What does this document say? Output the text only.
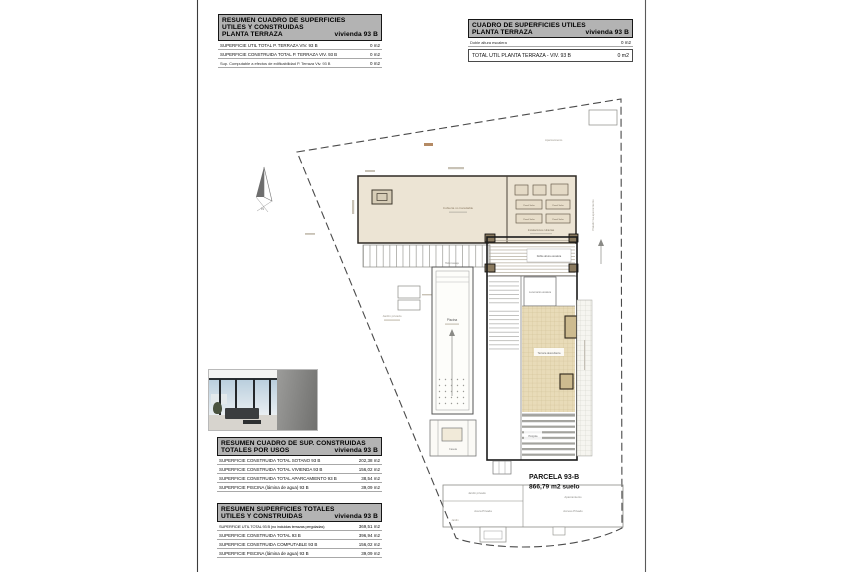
N	Cubierta no transitable	Panel Solar	Panel Solar
Panel Solar	Panel Solar
Instalaciones cubiertas
Aparcamiento
Plataforma aparcamiento
Hidromasaje
Piscina
Caseta
Doble altura escalera
Lucernario escalera
Terraza descubierta
Pérgola
Jardín privado
Acera Privada	Acceso Privado
Aparcamiento
Jardín
Jardín privado
PARCELA 93-B
866,79 m2 suelo
RESUMEN CUADRO DE SUPERFICIES
UTILES Y CONSTRUIDAS
PLANTA TERRAZA	vivienda 93 B
SUPERFICIE UTIL TOTAL P. TERRAZA VIV. 93 B	0 m2
SUPERFICIE CONSTRUIDA TOTAL P. TERRAZA VIV. 93 B	0 m2
Sup. Computable a efectos de edificabilidad P. Terraza Viv. 93 B	0 m2
CUADRO DE SUPERFICIES UTILES
PLANTA TERRAZA	vivienda 93 B
Doble altura escalera	0 m2
TOTAL UTIL PLANTA TERRAZA - VIV. 93 B	0 m2
RESUMEN CUADRO DE SUP. CONSTRUIDAS
TOTALES POR USOS	vivienda 93 B
SUPERFICIE CONSTRUIDA TOTAL SOTANO 93 B	202,38 m2
SUPERFICIE CONSTRUIDA TOTAL VIVIENDA 93 B	156,02 m2
SUPERFICIE CONSTRUIDA TOTAL APARCAMIENTO 93 B	38,54 m2
SUPERFICIE PISCINA (lámina de agua) 93 B	39,09 m2
RESUMEN SUPERFICIES TOTALES
UTILES Y CONSTRUIDAS	vivienda 93 B
SUPERFICIE UTIL TOTAL 93 B (no incluidas terrazas pergoladas)	369,51 m2
SUPERFICIE CONSTRUIDA TOTAL 93 B	396,94 m2
SUPERFICIE CONSTRUIDA COMPUTABLE 93 B	156,02 m2
SUPERFICIE PISCINA (lámina de agua) 93 B	39,09 m2
